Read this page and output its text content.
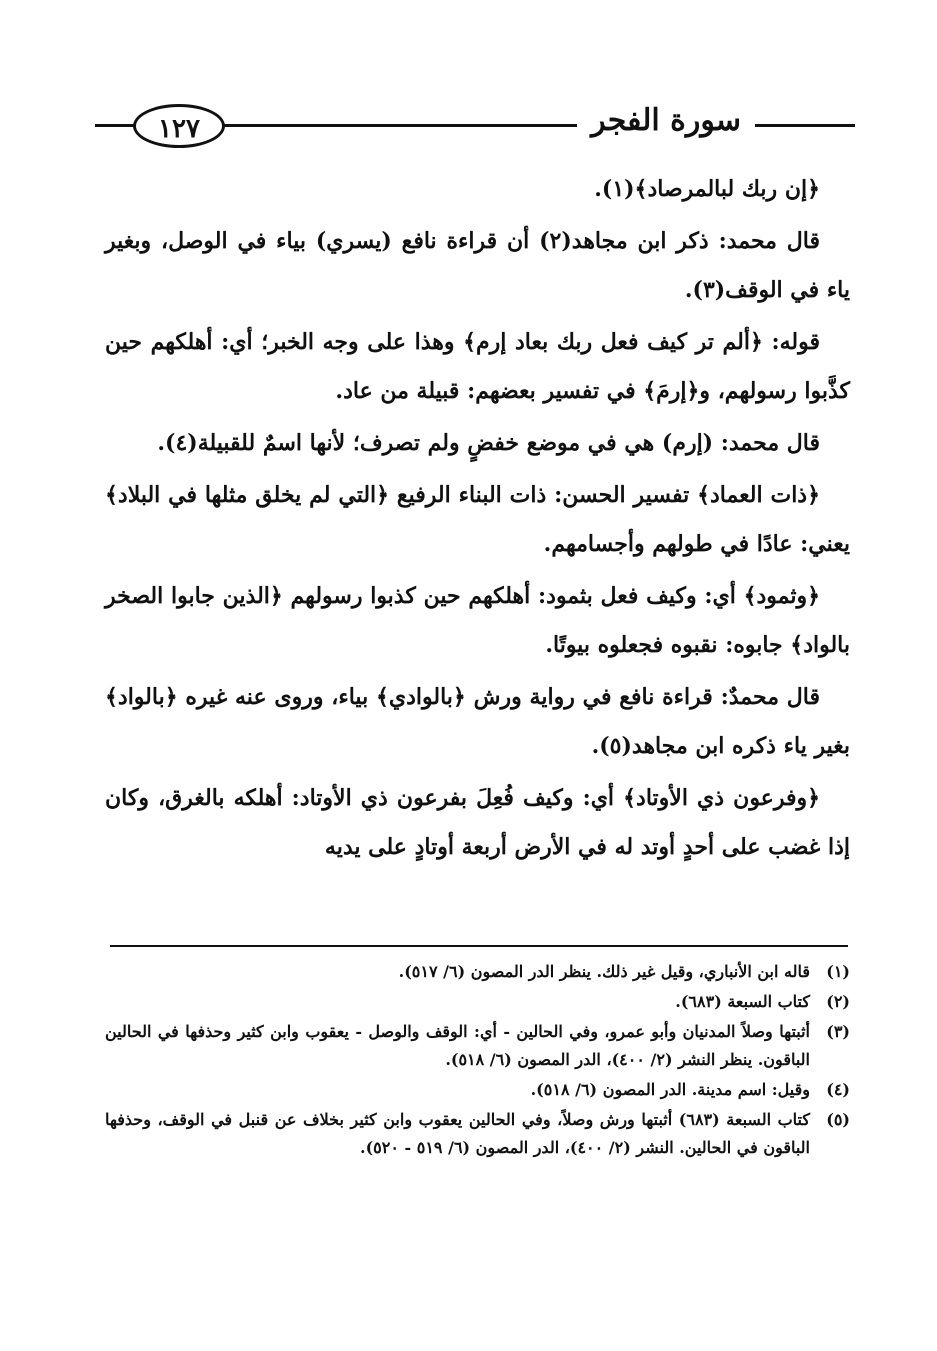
سورة الفجر
١٢٧

﴿إن ربك لبالمرصاد﴾(١).

قال محمد: ذكر ابن مجاهد(٢) أن قراءة نافع (يسري) بياء في الوصل، وبغير ياء في الوقف(٣).

قوله: ﴿ألم تر كيف فعل ربك بعاد إرم﴾ وهذا على وجه الخبر؛ أي: أهلكهم حين كذَّبوا رسولهم، و﴿إرمَ﴾ في تفسير بعضهم: قبيلة من عاد.

قال محمد: (إرم) هي في موضع خفضٍ ولم تصرف؛ لأنها اسمٌ للقبيلة(٤).

﴿ذات العماد﴾ تفسير الحسن: ذات البناء الرفيع ﴿التي لم يخلق مثلها في البلاد﴾ يعني: عادًا في طولهم وأجسامهم.

﴿وثمود﴾ أي: وكيف فعل بثمود: أهلكهم حين كذبوا رسولهم ﴿الذين جابوا الصخر بالواد﴾ جابوه: نقبوه فجعلوه بيوتًا.

قال محمدٌ: قراءة نافع في رواية ورش ﴿بالوادي﴾ بياء، وروى عنه غيره ﴿بالواد﴾ بغير ياء ذكره ابن مجاهد(٥).

﴿وفرعون ذي الأوتاد﴾ أي: وكيف فُعِلَ بفرعون ذي الأوتاد: أهلكه بالغرق، وكان إذا غضب على أحدٍ أوتد له في الأرض أربعة أوتادٍ على يديه

(١)
قاله ابن الأنباري، وقيل غير ذلك. ينظر الدر المصون (٦/ ٥١٧).
(٢)
كتاب السبعة (٦٨٣).
(٣)
أثبتها وصلاً المدنيان وأبو عمرو، وفي الحالين - أي: الوقف والوصل - يعقوب وابن كثير وحذفها في الحالين الباقون. ينظر النشر (٢/ ٤٠٠)، الدر المصون (٦/ ٥١٨).
(٤)
وقيل: اسم مدينة. الدر المصون (٦/ ٥١٨).
(٥)
كتاب السبعة (٦٨٣) أثبتها ورش وصلاً، وفي الحالين يعقوب وابن كثير بخلاف عن قنبل في الوقف، وحذفها الباقون في الحالين. النشر (٢/ ٤٠٠)، الدر المصون (٦/ ٥١٩ - ٥٢٠).
